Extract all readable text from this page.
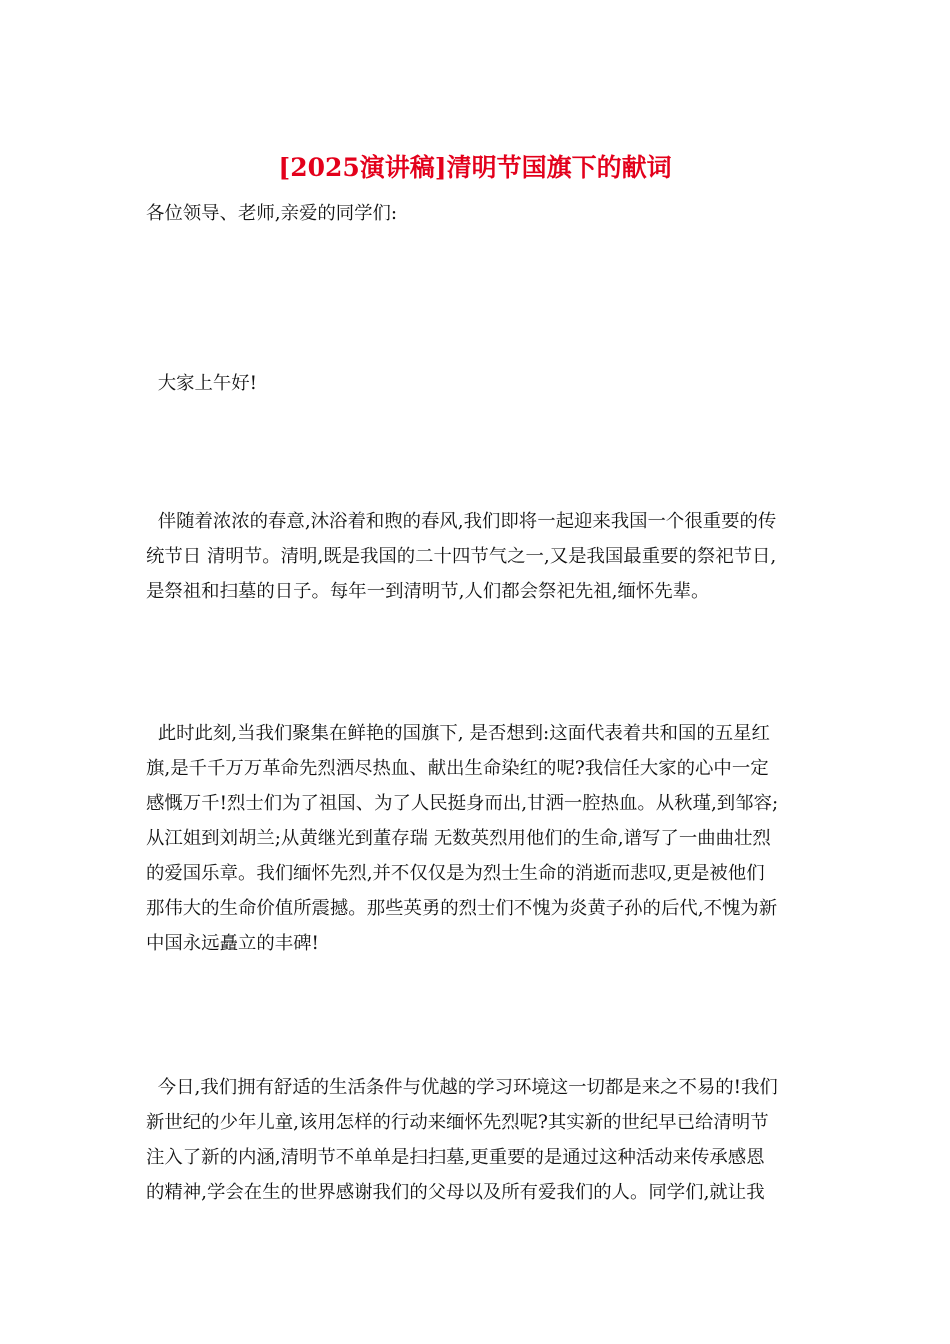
[2025演讲稿]清明节国旗下的献词
各位领导、老师,亲爱的同学们:
大家上午好!
伴随着浓浓的春意,沐浴着和煦的春风,我们即将一起迎来我国一个很重要的传
统节日 清明节。清明,既是我国的二十四节气之一,又是我国最重要的祭祀节日,
是祭祖和扫墓的日子。每年一到清明节,人们都会祭祀先祖,缅怀先辈。
此时此刻,当我们聚集在鲜艳的国旗下, 是否想到:这面代表着共和国的五星红
旗,是千千万万革命先烈洒尽热血、献出生命染红的呢?我信任大家的心中一定
感慨万千!烈士们为了祖国、为了人民挺身而出,甘洒一腔热血。从秋瑾,到邹容;
从江姐到刘胡兰;从黄继光到董存瑞 无数英烈用他们的生命,谱写了一曲曲壮烈
的爱国乐章。我们缅怀先烈,并不仅仅是为烈士生命的消逝而悲叹,更是被他们
那伟大的生命价值所震撼。那些英勇的烈士们不愧为炎黄子孙的后代,不愧为新
中国永远矗立的丰碑!
今日,我们拥有舒适的生活条件与优越的学习环境这一切都是来之不易的!我们
新世纪的少年儿童,该用怎样的行动来缅怀先烈呢?其实新的世纪早已给清明节
注入了新的内涵,清明节不单单是扫扫墓,更重要的是通过这种活动来传承感恩
的精神,学会在生的世界感谢我们的父母以及所有爱我们的人。同学们,就让我
